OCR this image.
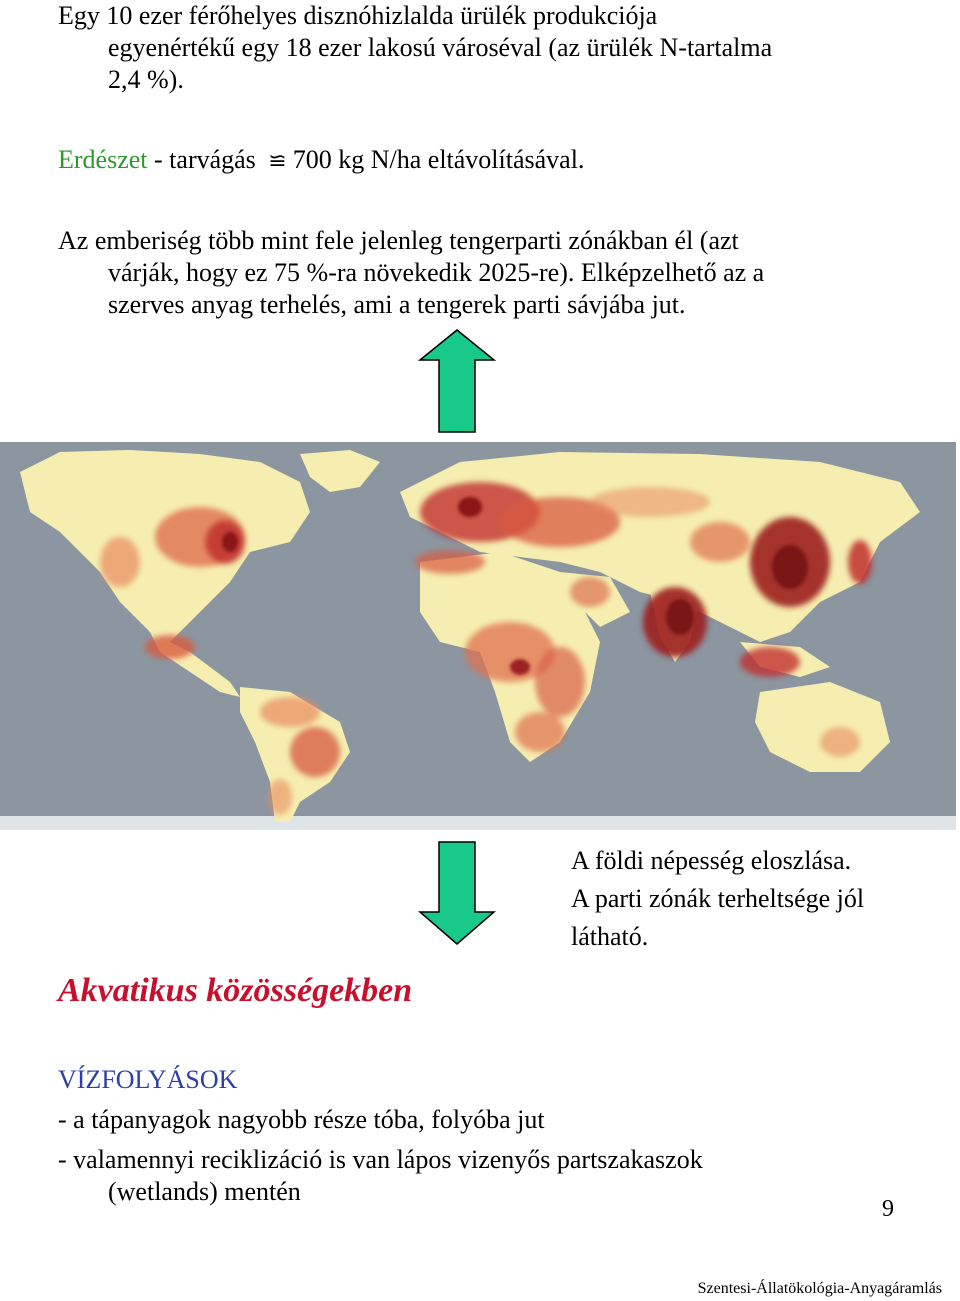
Egy 10 ezer férőhelyes disznóhizlalda ürülék produkciója
egyenértékű egy 18 ezer lakosú városéval (az ürülék N-tartalma
2,4 %).
Erdészet - tarvágás ≌ 700 kg N/ha eltávolításával.
Az emberiség több mint fele jelenleg tengerparti zónákban él (azt
várják, hogy ez 75 %-ra növekedik 2025-re). Elképzelhető az a
szerves anyag terhelés, ami a tengerek parti sávjába jut.
A földi népesség eloszlása.
A parti zónák terheltsége jól
látható.
Akvatikus közösségekben
VÍZFOLYÁSOK
- a tápanyagok nagyobb része tóba, folyóba jut
- valamennyi reciklizáció is van lápos vizenyős partszakaszok
(wetlands) mentén
9
Szentesi-Állatökológia-Anyagáramlás
